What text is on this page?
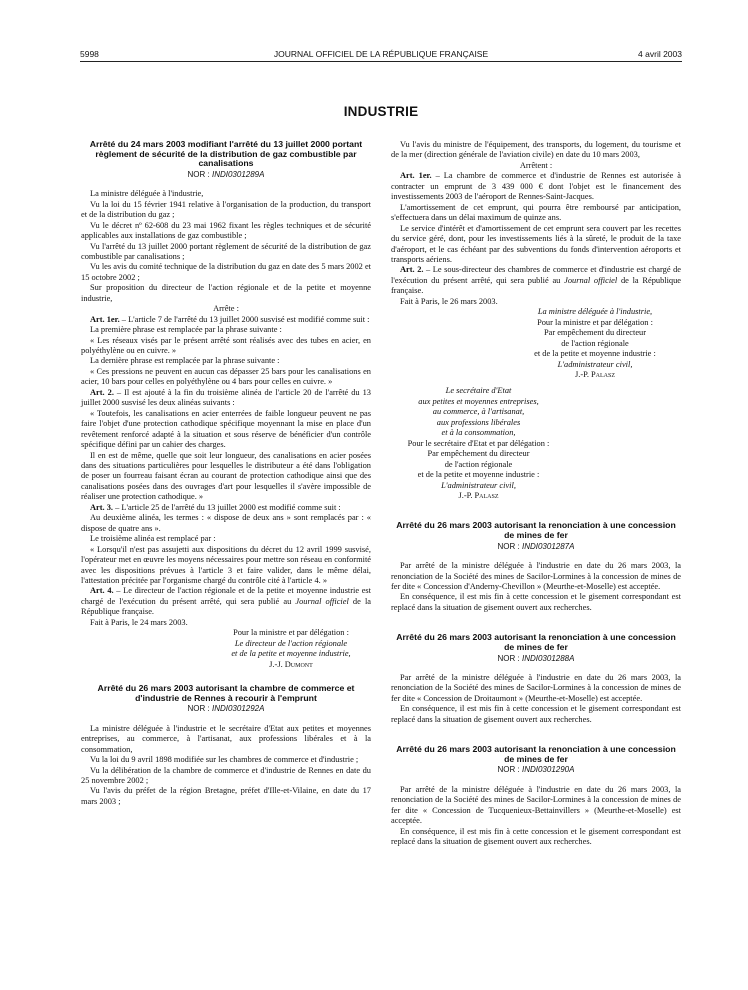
5998	JOURNAL OFFICIEL DE LA RÉPUBLIQUE FRANÇAISE	4 avril 2003
INDUSTRIE
Arrêté du 24 mars 2003 modifiant l'arrêté du 13 juillet 2000 portant règlement de sécurité de la distribution de gaz combustible par canalisations
NOR : INDI0301289A

La ministre déléguée à l'industrie,

Vu la loi du 15 février 1941 relative à l'organisation de la production, du transport et de la distribution du gaz ;

Vu le décret nº 62-608 du 23 mai 1962 fixant les règles techniques et de sécurité applicables aux installations de gaz combustible ;

Vu l'arrêté du 13 juillet 2000 portant règlement de sécurité de la distribution de gaz combustible par canalisations ;

Vu les avis du comité technique de la distribution du gaz en date des 5 mars 2002 et 15 octobre 2002 ;

Sur proposition du directeur de l'action régionale et de la petite et moyenne industrie,

Arrête :

Art. 1er. – L'article 7 de l'arrêté du 13 juillet 2000 susvisé est modifié comme suit :

La première phrase est remplacée par la phrase suivante :

« Les réseaux visés par le présent arrêté sont réalisés avec des tubes en acier, en polyéthylène ou en cuivre. »

La dernière phrase est remplacée par la phrase suivante :

« Ces pressions ne peuvent en aucun cas dépasser 25 bars pour les canalisations en acier, 10 bars pour celles en polyéthylène ou 4 bars pour celles en cuivre. »

Art. 2. – Il est ajouté à la fin du troisième alinéa de l'article 20 de l'arrêté du 13 juillet 2000 susvisé les deux alinéas suivants :

« Toutefois, les canalisations en acier enterrées de faible longueur peuvent ne pas faire l'objet d'une protection cathodique spécifique moyennant la mise en place d'un revêtement renforcé adapté à la situation et sous réserve de bénéficier d'un contrôle spécifique défini par un cahier des charges.

Il en est de même, quelle que soit leur longueur, des canalisations en acier posées dans des situations particulières pour lesquelles le distributeur a été dans l'obligation de poser un fourreau faisant écran au courant de protection cathodique ainsi que des canalisations posées dans des ouvrages d'art pour lesquelles il s'avère impossible de réaliser une protection cathodique. »

Art. 3. – L'article 25 de l'arrêté du 13 juillet 2000 est modifié comme suit :

Au deuxième alinéa, les termes : « dispose de deux ans » sont remplacés par : « dispose de quatre ans ».

Le troisième alinéa est remplacé par :

« Lorsqu'il n'est pas assujetti aux dispositions du décret du 12 avril 1999 susvisé, l'opérateur met en œuvre les moyens nécessaires pour mettre son réseau en conformité avec les dispositions prévues à l'article 3 et faire valider, dans le même délai, l'attestation précitée par l'organisme chargé du contrôle cité à l'article 4. »

Art. 4. – Le directeur de l'action régionale et de la petite et moyenne industrie est chargé de l'exécution du présent arrêté, qui sera publié au Journal officiel de la République française.

Fait à Paris, le 24 mars 2003.

Pour la ministre et par délégation :

Le directeur de l'action régionale

et de la petite et moyenne industrie,

J.-J. Dumont

Arrêté du 26 mars 2003 autorisant la chambre de commerce et d'industrie de Rennes à recourir à l'emprunt
NOR : INDI0301292A

La ministre déléguée à l'industrie et le secrétaire d'Etat aux petites et moyennes entreprises, au commerce, à l'artisanat, aux professions libérales et à la consommation,

Vu la loi du 9 avril 1898 modifiée sur les chambres de commerce et d'industrie ;

Vu la délibération de la chambre de commerce et d'industrie de Rennes en date du 25 novembre 2002 ;

Vu l'avis du préfet de la région Bretagne, préfet d'Ille-et-Vilaine, en date du 17 mars 2003 ;

Vu l'avis du ministre de l'équipement, des transports, du logement, du tourisme et de la mer (direction générale de l'aviation civile) en date du 10 mars 2003,

Arrêtent :

Art. 1er. – La chambre de commerce et d'industrie de Rennes est autorisée à contracter un emprunt de 3 439 000 € dont l'objet est le financement des investissements 2003 de l'aéroport de Rennes-Saint-Jacques.

L'amortissement de cet emprunt, qui pourra être remboursé par anticipation, s'effectuera dans un délai maximum de quinze ans.

Le service d'intérêt et d'amortissement de cet emprunt sera couvert par les recettes du service géré, dont, pour les investissements liés à la sûreté, le produit de la taxe d'aéroport, et le cas échéant par des subventions du fonds d'intervention aéroports et transports aériens.

Art. 2. – Le sous-directeur des chambres de commerce et d'industrie est chargé de l'exécution du présent arrêté, qui sera publié au Journal officiel de la République française.

Fait à Paris, le 26 mars 2003.

La ministre déléguée à l'industrie,

Pour la ministre et par délégation :

Par empêchement du directeur

de l'action régionale

et de la petite et moyenne industrie :

L'administrateur civil,

J.-P. Palasz

Le secrétaire d'Etat

aux petites et moyennes entreprises,

au commerce, à l'artisanat,

aux professions libérales

et à la consommation,

Pour le secrétaire d'Etat et par délégation :

Par empêchement du directeur

de l'action régionale

et de la petite et moyenne industrie :

L'administrateur civil,

J.-P. Palasz

Arrêté du 26 mars 2003 autorisant la renonciation à une concession de mines de fer
NOR : INDI0301287A

Par arrêté de la ministre déléguée à l'industrie en date du 26 mars 2003, la renonciation de la Société des mines de Sacilor-Lormines à la concession de mines de fer dite « Concession d'Anderny-Chevillon » (Meurthe-et-Moselle) est acceptée.

En conséquence, il est mis fin à cette concession et le gisement correspondant est replacé dans la situation de gisement ouvert aux recherches.

Arrêté du 26 mars 2003 autorisant la renonciation à une concession de mines de fer
NOR : INDI0301288A

Par arrêté de la ministre déléguée à l'industrie en date du 26 mars 2003, la renonciation de la Société des mines de Sacilor-Lormines à la concession de mines de fer dite « Concession de Droitaumont » (Meurthe-et-Moselle) est acceptée.

En conséquence, il est mis fin à cette concession et le gisement correspondant est replacé dans la situation de gisement ouvert aux recherches.

Arrêté du 26 mars 2003 autorisant la renonciation à une concession de mines de fer
NOR : INDI0301290A

Par arrêté de la ministre déléguée à l'industrie en date du 26 mars 2003, la renonciation de la Société des mines de Sacilor-Lormines à la concession de mines de fer dite « Concession de Tucquenieux-Bettainvillers » (Meurthe-et-Moselle) est acceptée.

En conséquence, il est mis fin à cette concession et le gisement correspondant est replacé dans la situation de gisement ouvert aux recherches.
